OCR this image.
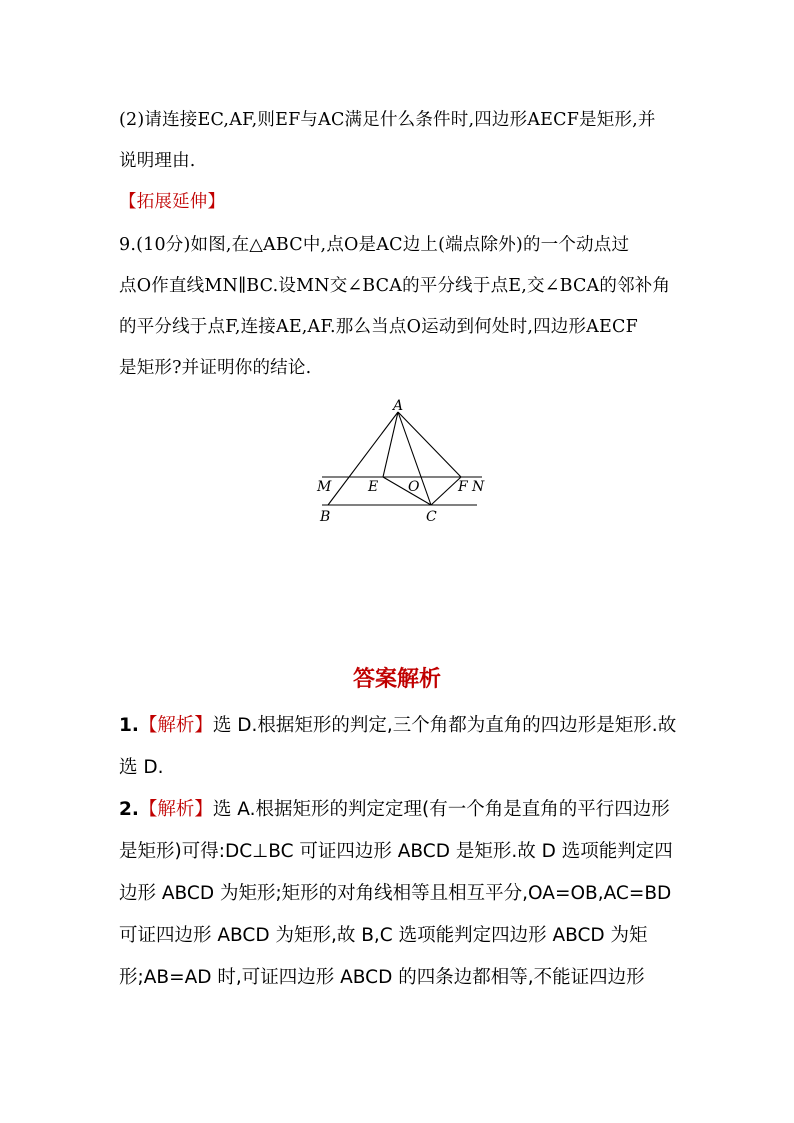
(2)请连接EC,AF,则EF与AC满足什么条件时,四边形AECF是矩形,并
说明理由.
【拓展延伸】
9.(10分)如图,在△ABC中,点O是AC边上(端点除外)的一个动点过
点O作直线MN∥BC.设MN交∠BCA的平分线于点E,交∠BCA的邻补角
的平分线于点F,连接AE,AF.那么当点O运动到何处时,四边形AECF
是矩形?并证明你的结论.
A
M	E O	F N
B	C
答案解析
1.【解析】选 D.根据矩形的判定,三个角都为直角的四边形是矩形.故
选 D.
2.【解析】选 A.根据矩形的判定定理(有一个角是直角的平行四边形
是矩形)可得:DC⊥BC 可证四边形 ABCD 是矩形.故 D 选项能判定四
边形 ABCD 为矩形;矩形的对角线相等且相互平分,OA=OB,AC=BD
可证四边形 ABCD 为矩形,故 B,C 选项能判定四边形 ABCD 为矩
形;AB=AD 时,可证四边形 ABCD 的四条边都相等,不能证四边形
